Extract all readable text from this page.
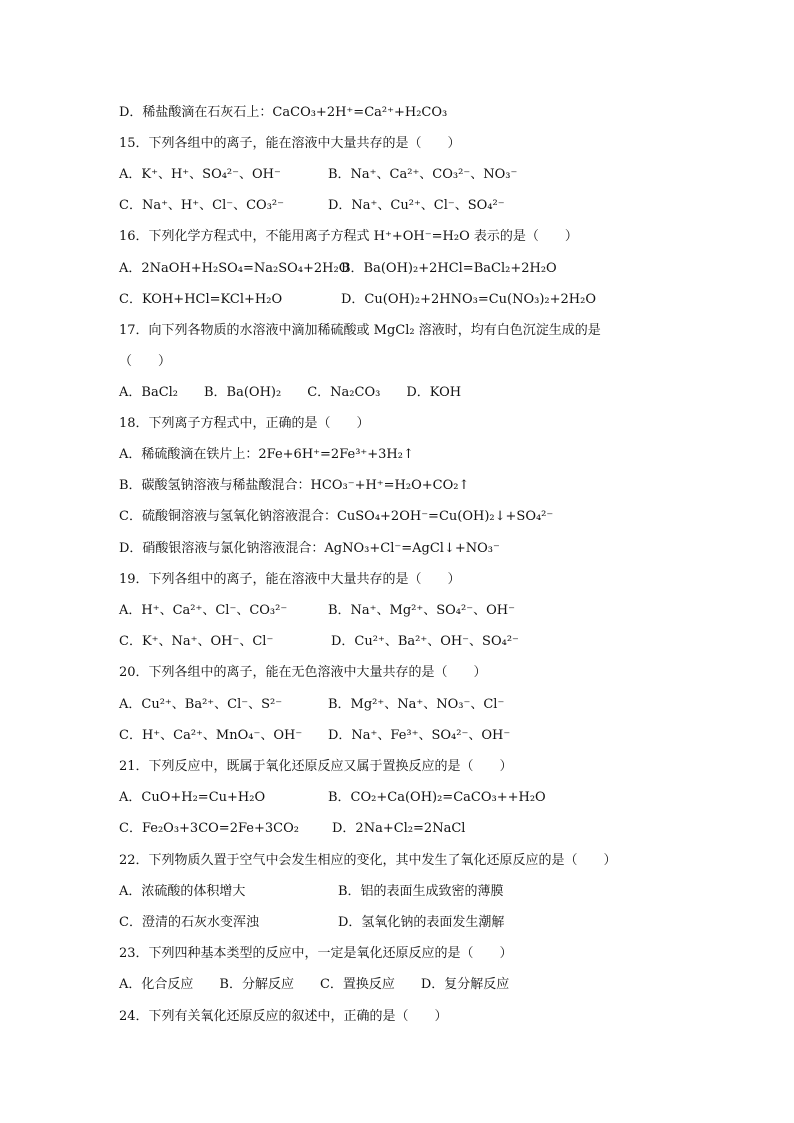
D．稀盐酸滴在石灰石上：CaCO₃+2H⁺=Ca²⁺+H₂CO₃
15．下列各组中的离子，能在溶液中大量共存的是（　　）
A．K⁺、H⁺、SO₄²⁻、OH⁻	B．Na⁺、Ca²⁺、CO₃²⁻、NO₃⁻
C．Na⁺、H⁺、Cl⁻、CO₃²⁻	D．Na⁺、Cu²⁺、Cl⁻、SO₄²⁻
16．下列化学方程式中，不能用离子方程式 H⁺+OH⁻=H₂O 表示的是（　　）
A．2NaOH+H₂SO₄=Na₂SO₄+2H₂O
B．Ba(OH)₂+2HCl=BaCl₂+2H₂O
C．KOH+HCl=KCl+H₂O	D．Cu(OH)₂+2HNO₃=Cu(NO₃)₂+2H₂O
17．向下列各物质的水溶液中滴加稀硫酸或 MgCl₂ 溶液时，均有白色沉淀生成的是
（　　）
A．BaCl₂　　B．Ba(OH)₂　　C．Na₂CO₃　　D．KOH
18．下列离子方程式中，正确的是（　　）
A．稀硫酸滴在铁片上：2Fe+6H⁺=2Fe³⁺+3H₂↑
B．碳酸氢钠溶液与稀盐酸混合：HCO₃⁻+H⁺=H₂O+CO₂↑
C．硫酸铜溶液与氢氧化钠溶液混合：CuSO₄+2OH⁻=Cu(OH)₂↓+SO₄²⁻
D．硝酸银溶液与氯化钠溶液混合：AgNO₃+Cl⁻=AgCl↓+NO₃⁻
19．下列各组中的离子，能在溶液中大量共存的是（　　）
A．H⁺、Ca²⁺、Cl⁻、CO₃²⁻	B．Na⁺、Mg²⁺、SO₄²⁻、OH⁻
C．K⁺、Na⁺、OH⁻、Cl⁻	D．Cu²⁺、Ba²⁺、OH⁻、SO₄²⁻
20．下列各组中的离子，能在无色溶液中大量共存的是（　　）
A．Cu²⁺、Ba²⁺、Cl⁻、S²⁻	B．Mg²⁺、Na⁺、NO₃⁻、Cl⁻
C．H⁺、Ca²⁺、MnO₄⁻、OH⁻ D．Na⁺、Fe³⁺、SO₄²⁻、OH⁻
21．下列反应中，既属于氧化还原反应又属于置换反应的是（　　）
A．CuO+H₂=Cu+H₂O	B．CO₂+Ca(OH)₂=CaCO₃++H₂O
C．Fe₂O₃+3CO=2Fe+3CO₂	D．2Na+Cl₂=2NaCl
22．下列物质久置于空气中会发生相应的变化，其中发生了氧化还原反应的是（　　）
A．浓硫酸的体积增大	B．铝的表面生成致密的薄膜
C．澄清的石灰水变浑浊	D．氢氧化钠的表面发生潮解
23．下列四种基本类型的反应中，一定是氧化还原反应的是（　　）
A．化合反应　　B．分解反应　　C．置换反应　　D．复分解反应
24．下列有关氧化还原反应的叙述中，正确的是（　　）
